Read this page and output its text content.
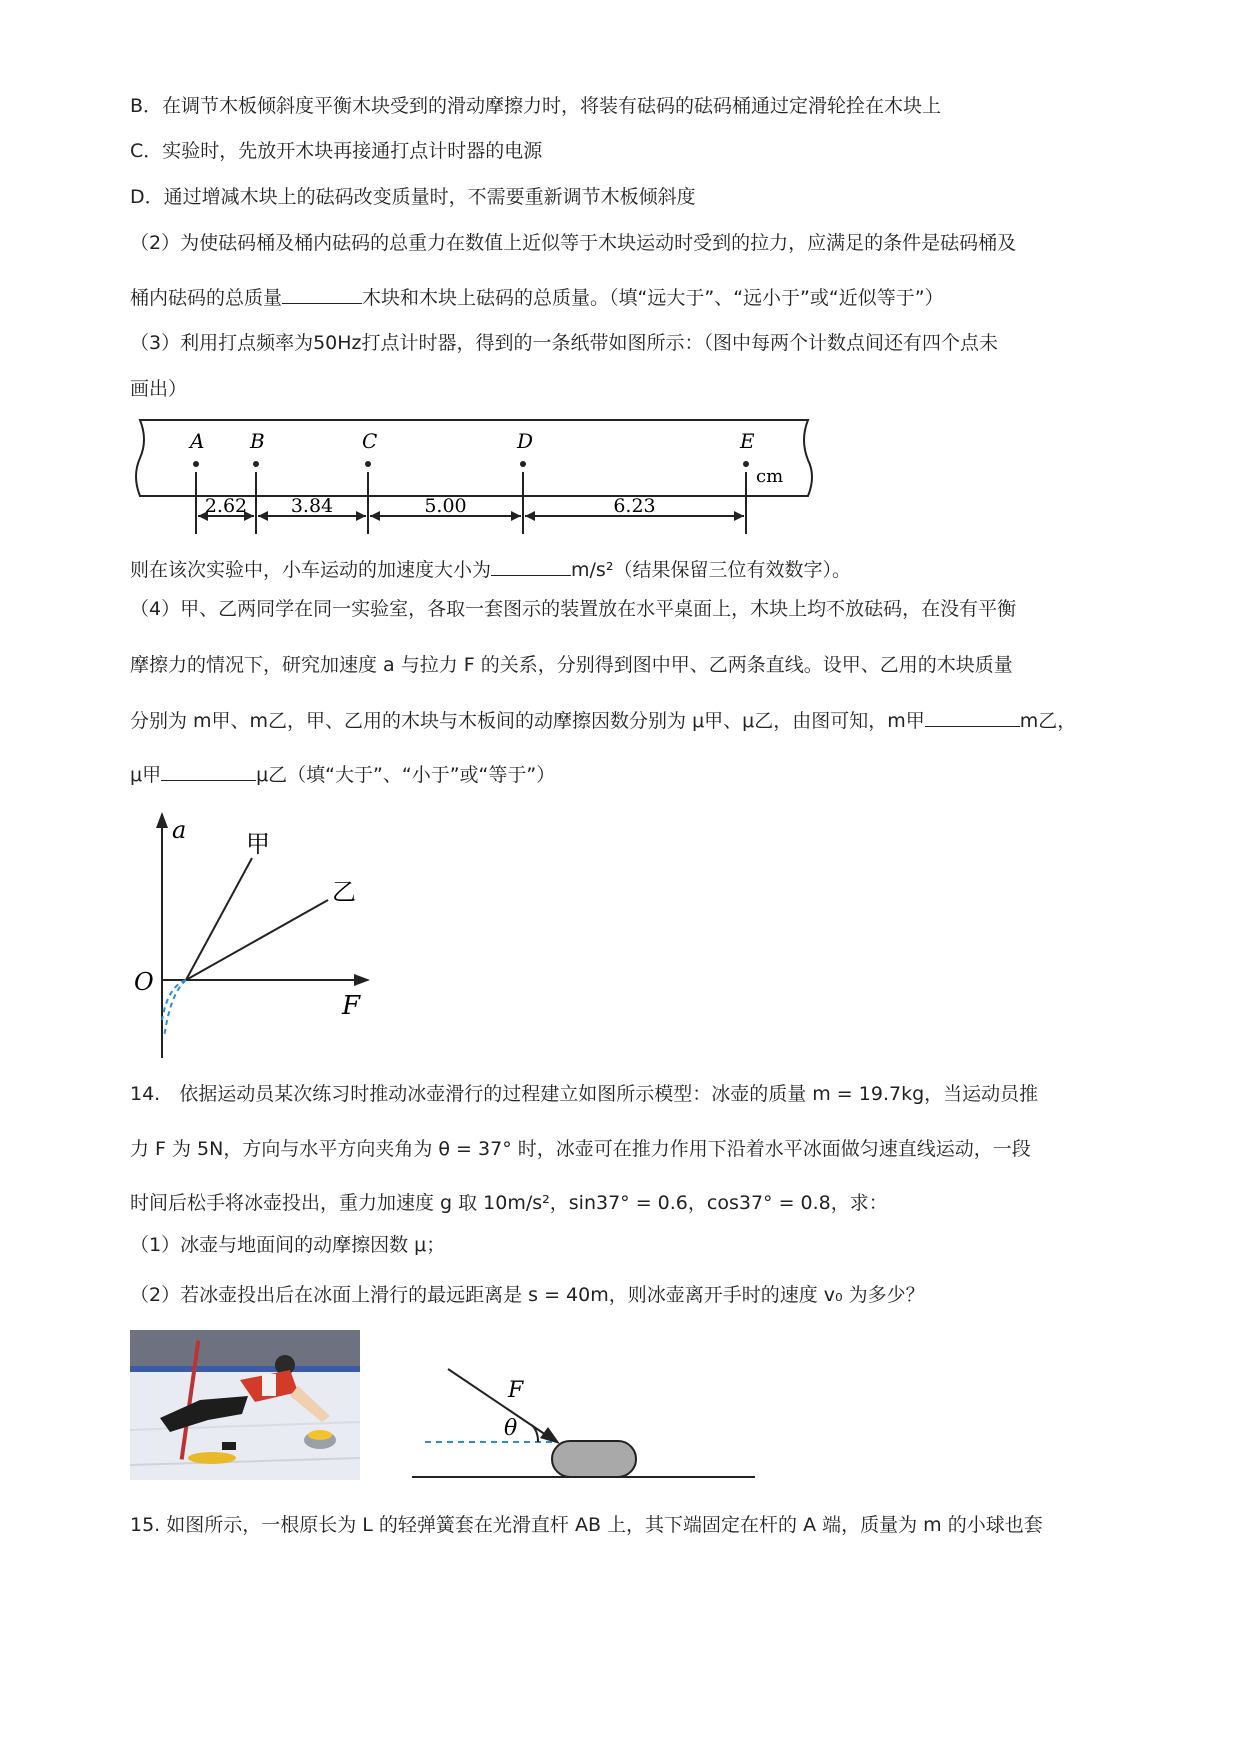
B．在调节木板倾斜度平衡木块受到的滑动摩擦力时，将装有砝码的砝码桶通过定滑轮拴在木块上
C．实验时，先放开木块再接通打点计时器的电源
D．通过增减木块上的砝码改变质量时，不需要重新调节木板倾斜度
（2）为使砝码桶及桶内砝码的总重力在数值上近似等于木块运动时受到的拉力，应满足的条件是砝码桶及
桶内砝码的总质量	木块和木块上砝码的总质量。（填“远大于”、“远小于”或“近似等于”）
（3）利用打点频率为50Hz打点计时器，得到的一条纸带如图所示：（图中每两个计数点间还有四个点未
画出）
A B	C	D	E
2.62 3.84	5.00	6.23
cm
则在该次实验中，小车运动的加速度大小为	m/s²（结果保留三位有效数字）。
（4）甲、乙两同学在同一实验室，各取一套图示的装置放在水平桌面上，木块上均不放砝码，在没有平衡
摩擦力的情况下，研究加速度 a 与拉力 F 的关系，分别得到图中甲、乙两条直线。设甲、乙用的木块质量
分别为 m甲、m乙，甲、乙用的木块与木板间的动摩擦因数分别为 μ甲、μ乙，由图可知，m甲	m乙，
μ甲	μ乙（填“大于”、“小于”或“等于”）
a
F
O
甲
乙
14.　依据运动员某次练习时推动冰壶滑行的过程建立如图所示模型：冰壶的质量 m = 19.7kg，当运动员推
力 F 为 5N，方向与水平方向夹角为 θ = 37° 时，冰壶可在推力作用下沿着水平冰面做匀速直线运动，一段
时间后松手将冰壶投出，重力加速度 g 取 10m/s²，sin37° = 0.6，cos37° = 0.8，求：
（1）冰壶与地面间的动摩擦因数 μ；
（2）若冰壶投出后在冰面上滑行的最远距离是 s = 40m，则冰壶离开手时的速度 v₀ 为多少？
F
θ
15. 如图所示，一根原长为 L 的轻弹簧套在光滑直杆 AB 上，其下端固定在杆的 A 端，质量为 m 的小球也套
